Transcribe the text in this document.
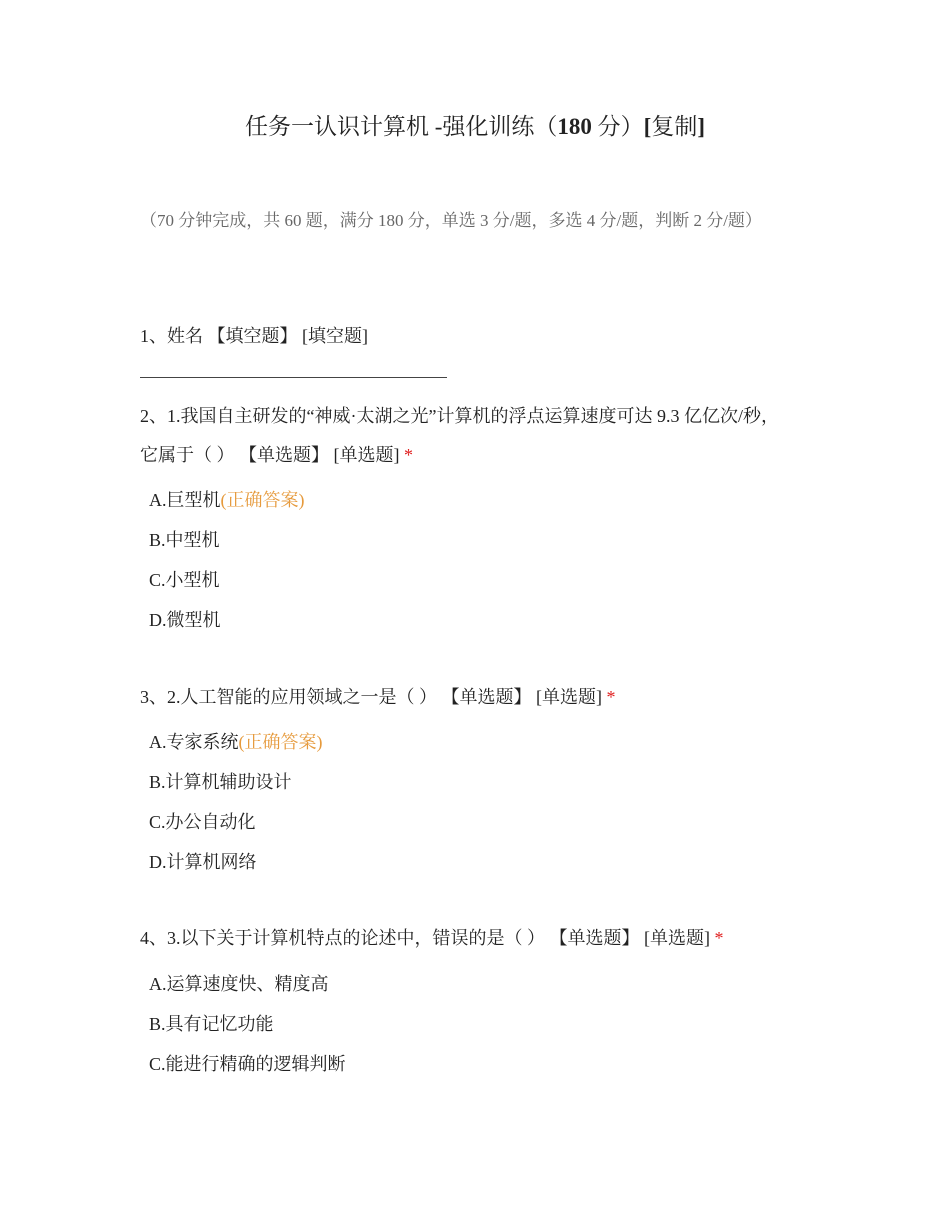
任务一认识计算机 -强化训练（180 分）[复制]
（70 分钟完成，共 60 题，满分 180 分，单选 3 分/题，多选 4 分/题，判断 2 分/题）
1、姓名 【填空题】 [填空题]
2、1.我国自主研发的“神威·太湖之光”计算机的浮点运算速度可达 9.3 亿亿次/秒，
它属于（ ） 【单选题】 [单选题] *
A.巨型机(正确答案)
B.中型机
C.小型机
D.微型机
3、2.人工智能的应用领域之一是（ ） 【单选题】 [单选题] *
A.专家系统(正确答案)
B.计算机辅助设计
C.办公自动化
D.计算机网络
4、3.以下关于计算机特点的论述中，错误的是（ ） 【单选题】 [单选题] *
A.运算速度快、精度高
B.具有记忆功能
C.能进行精确的逻辑判断
